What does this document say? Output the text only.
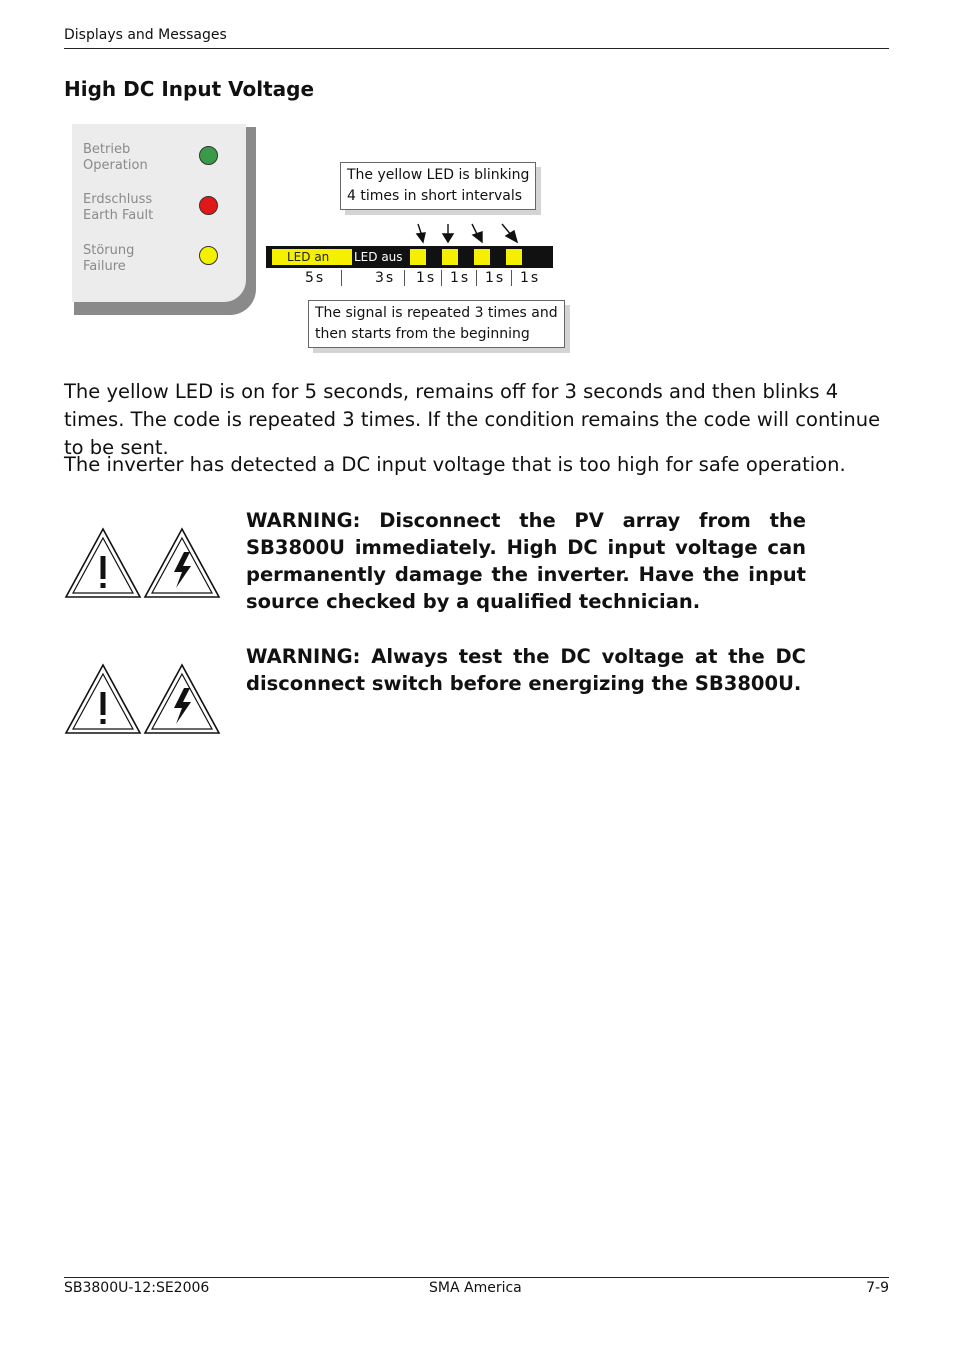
Displays and Messages
High DC Input Voltage
Betrieb
Operation
Erdschluss
Earth Fault
Störung
Failure
The yellow LED is blinking
4 times in short intervals
LED an LED aus
5s	3s 1s 1s 1s 1s
The signal is repeated 3 times and
then starts from the beginning
The yellow LED is on for 5 seconds, remains off for 3 seconds and then blinks 4 times. The code is repeated 3 times. If the condition remains the code will continue to be sent.
The inverter has detected a DC input voltage that is too high for safe operation.
WARNING: Disconnect the PV array from the SB3800U immediately. High DC input voltage can permanently damage the inverter. Have the input source checked by a qualified technician.
WARNING: Always test the DC voltage at the DC disconnect switch before energizing the SB3800U.
SB3800U-12:SE2006	SMA America	7-9
